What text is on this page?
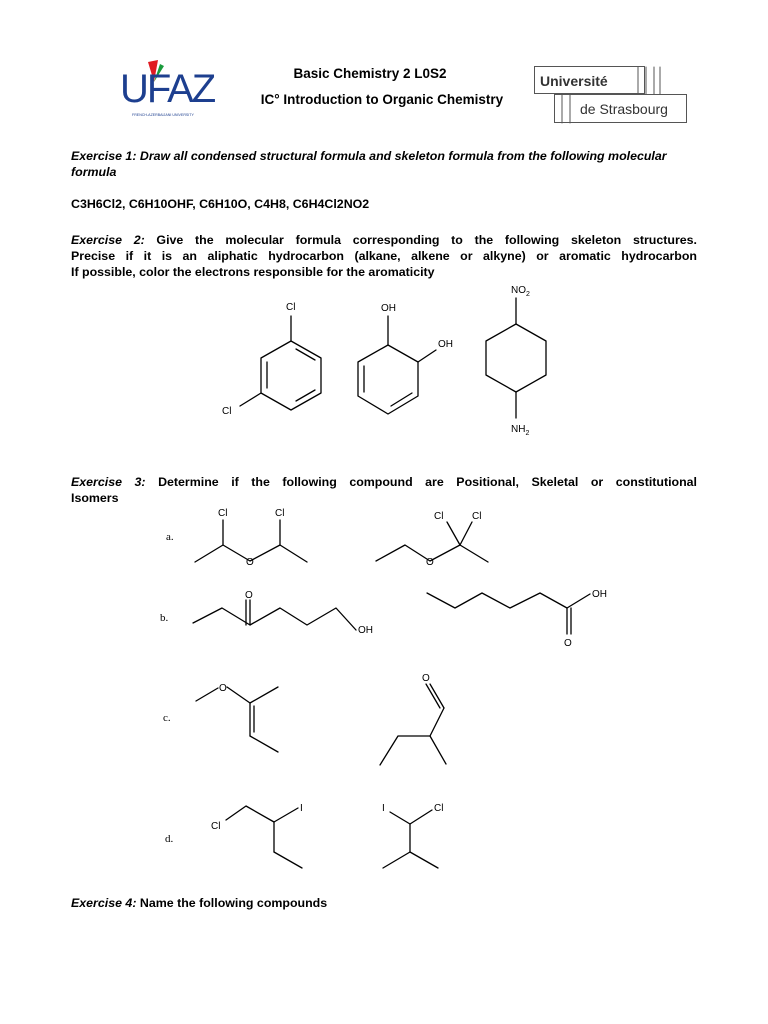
UFAZ
FRENCH-AZERBAIJANI UNIVERSITY
Basic Chemistry 2 L0S2
IC° Introduction to Organic Chemistry
Université
de Strasbourg
Exercise 1: Draw all condensed structural formula and skeleton formula from the following molecular formula
C3H6Cl2, C6H10OHF, C6H10O, C4H8, C6H4Cl2NO2
Exercise 2: Give the molecular formula corresponding to the following skeleton structures.
Precise if it is an aliphatic hydrocarbon (alkane, alkene or alkyne) or aromatic hydrocarbon
If possible, color the electrons responsible for the aromaticity
Cl
Cl
OH
OH
$NO_2$
$NH_2$
Exercise 3: Determine if the following compound are Positional, Skeletal or constitutional
Isomers
a.
b.
c.
d.
Cl	Cl
O
Cl	Cl
O
O
OH
OH
O
O
O
Cl
I	I	Cl
Exercise 4: Name the following compounds
